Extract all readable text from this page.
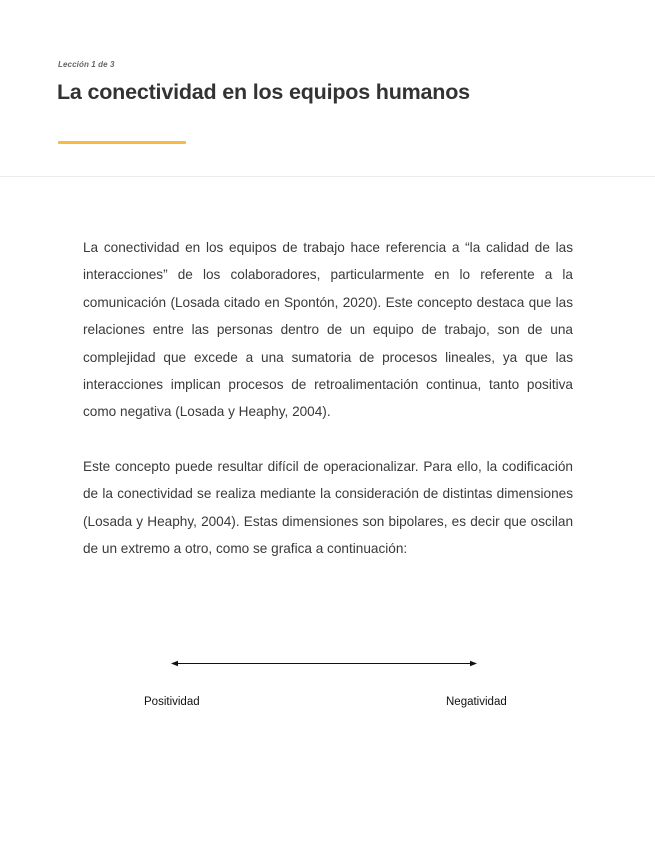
Lección 1 de 3
La conectividad en los equipos humanos

La conectividad en los equipos de trabajo hace referencia a “la calidad de las interacciones” de los colaboradores, particularmente en lo referente a la comunicación (Losada citado en Spontón, 2020). Este concepto destaca que las relaciones entre las personas dentro de un equipo de trabajo, son de una complejidad que excede a una sumatoria de procesos lineales, ya que las interacciones implican procesos de retroalimentación continua, tanto positiva como negativa (Losada y Heaphy, 2004).

Este concepto puede resultar difícil de operacionalizar. Para ello, la codificación de la conectividad se realiza mediante la consideración de distintas dimensiones (Losada y Heaphy, 2004). Estas dimensiones son bipolares, es decir que oscilan de un extremo a otro, como se grafica a continuación:

Positividad	Negatividad
